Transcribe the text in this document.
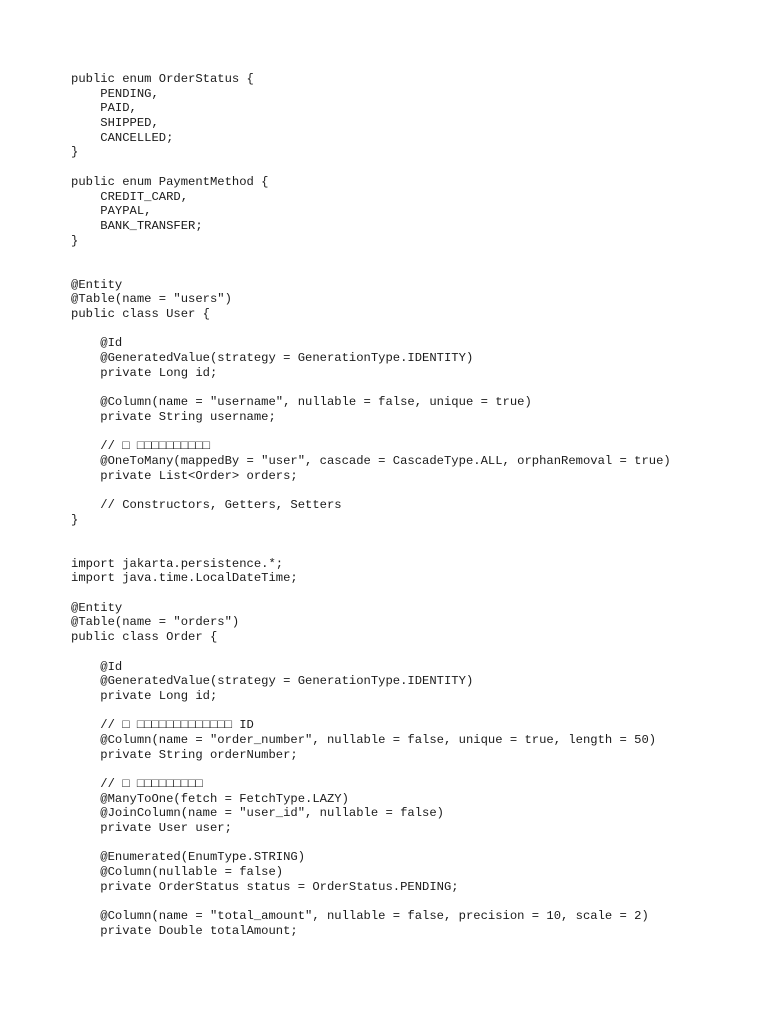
public enum OrderStatus {
PENDING,
PAID,
SHIPPED,
CANCELLED;
}
public enum PaymentMethod {
CREDIT_CARD,
PAYPAL,
BANK_TRANSFER;
}
@Entity
@Table(name = "users")
public class User {
@Id
@GeneratedValue(strategy = GenerationType.IDENTITY)
private Long id;
@Column(name = "username", nullable = false, unique = true)
private String username;
// □ □□□□□□□□□□
@OneToMany(mappedBy = "user", cascade = CascadeType.ALL, orphanRemoval = true)
private List<Order> orders;
// Constructors, Getters, Setters
}
import jakarta.persistence.*;
import java.time.LocalDateTime;
@Entity
@Table(name = "orders")
public class Order {
@Id
@GeneratedValue(strategy = GenerationType.IDENTITY)
private Long id;
// □ □□□□□□□□□□□□□ ID
@Column(name = "order_number", nullable = false, unique = true, length = 50)
private String orderNumber;
// □ □□□□□□□□□
@ManyToOne(fetch = FetchType.LAZY)
@JoinColumn(name = "user_id", nullable = false)
private User user;
@Enumerated(EnumType.STRING)
@Column(nullable = false)
private OrderStatus status = OrderStatus.PENDING;
@Column(name = "total_amount", nullable = false, precision = 10, scale = 2)
private Double totalAmount;
